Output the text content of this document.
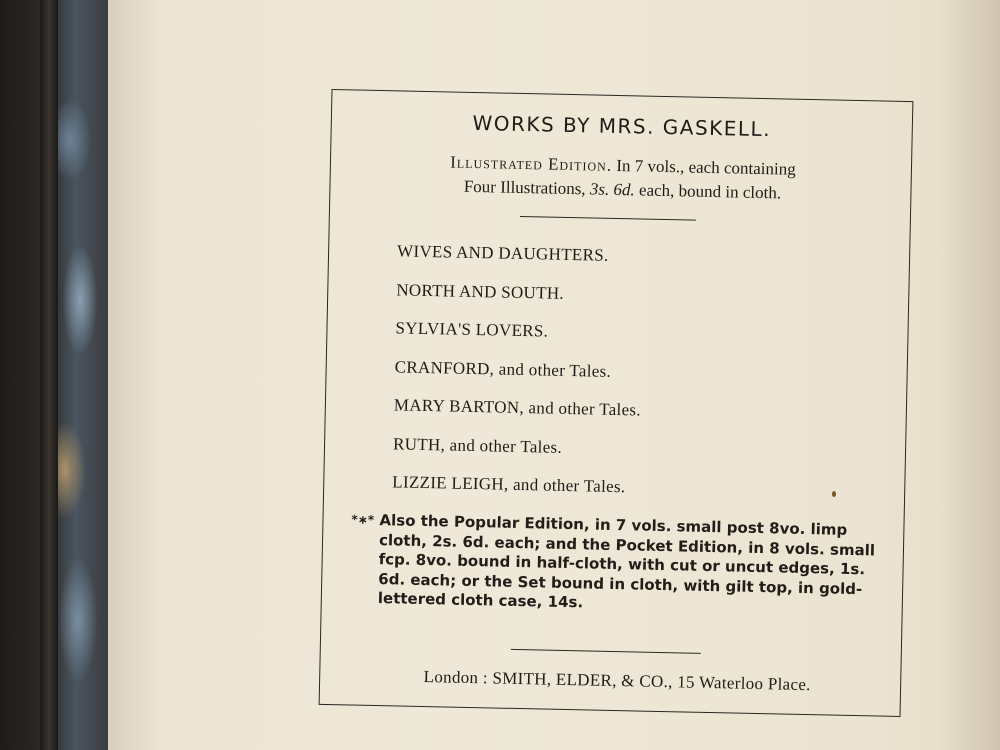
WORKS BY MRS. GASKELL.
Illustrated Edition. In 7 vols., each containing
Four Illustrations, 3s. 6d. each, bound in cloth.
WIVES AND DAUGHTERS.
NORTH AND SOUTH.
SYLVIA'S LOVERS.
CRANFORD, and other Tales.
MARY BARTON, and other Tales.
RUTH, and other Tales.
LIZZIE LEIGH, and other Tales.
*∗* Also the Popular Edition, in 7 vols. small post 8vo. limp cloth, 2s. 6d. each; and the Pocket Edition, in 8 vols. small fcp. 8vo. bound in half-cloth, with cut or uncut edges, 1s. 6d. each; or the Set bound in cloth, with gilt top, in gold-lettered cloth case, 14s.
London : SMITH, ELDER, & CO., 15 Waterloo Place.
